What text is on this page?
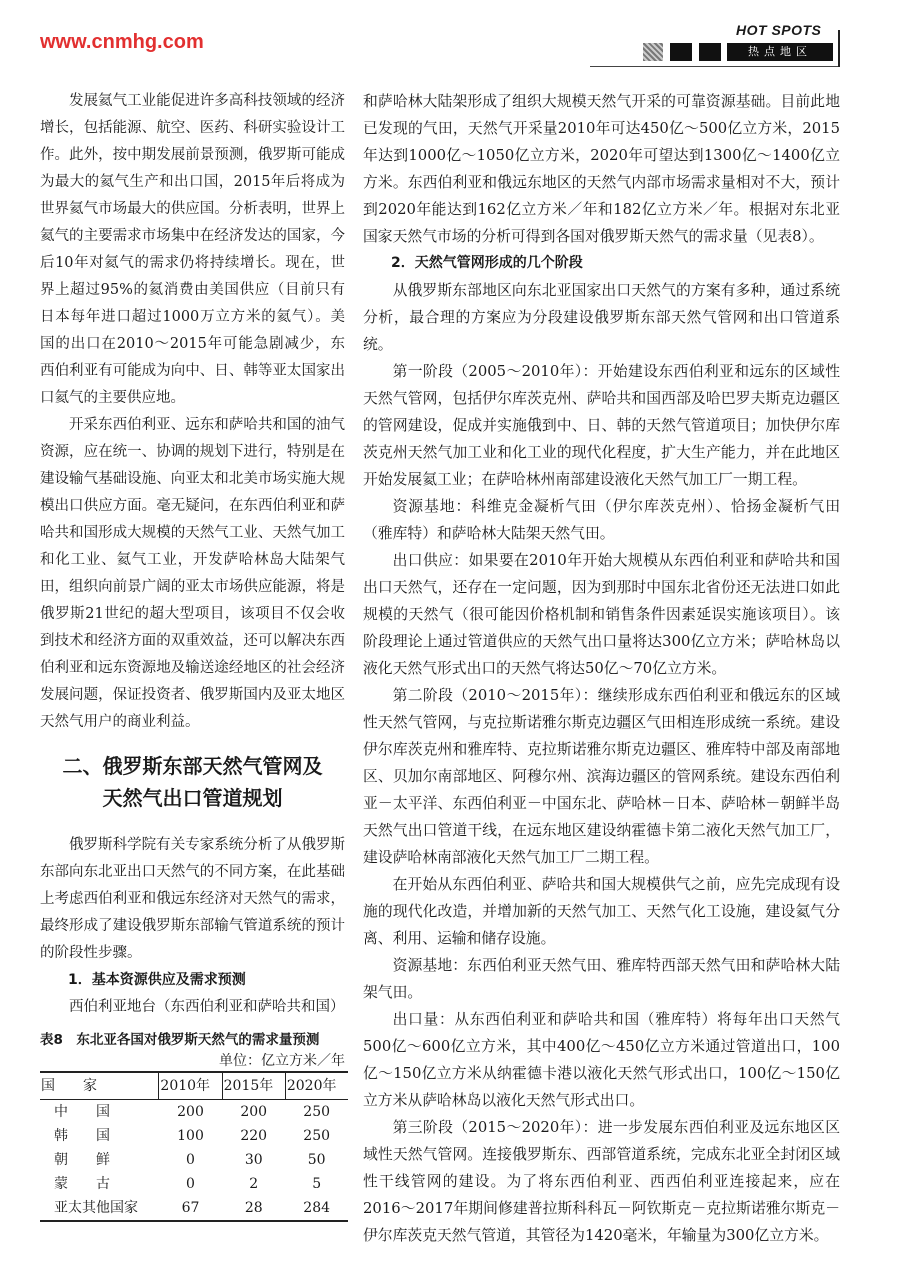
HOT SPOTS
热点地区
www.cnmhg.com

发展氦气工业能促进许多高科技领域的经济增长，包括能源、航空、医药、科研实验设计工作。此外，按中期发展前景预测，俄罗斯可能成为最大的氦气生产和出口国，2015年后将成为世界氦气市场最大的供应国。分析表明，世界上氦气的主要需求市场集中在经济发达的国家，今后10年对氦气的需求仍将持续增长。现在，世界上超过95%的氦消费由美国供应（目前只有日本每年进口超过1000万立方米的氦气）。美国的出口在2010～2015年可能急剧减少，东西伯利亚有可能成为向中、日、韩等亚太国家出口氦气的主要供应地。

开采东西伯利亚、远东和萨哈共和国的油气资源，应在统一、协调的规划下进行，特别是在建设输气基础设施、向亚太和北美市场实施大规模出口供应方面。毫无疑问，在东西伯利亚和萨哈共和国形成大规模的天然气工业、天然气加工和化工业、氦气工业，开发萨哈林岛大陆架气田，组织向前景广阔的亚太市场供应能源，将是俄罗斯21世纪的超大型项目，该项目不仅会收到技术和经济方面的双重效益，还可以解决东西伯利亚和远东资源地及输送途经地区的社会经济发展问题，保证投资者、俄罗斯国内及亚太地区天然气用户的商业利益。

二、俄罗斯东部天然气管网及
天然气出口管道规划

俄罗斯科学院有关专家系统分析了从俄罗斯东部向东北亚出口天然气的不同方案，在此基础上考虑西伯利亚和俄远东经济对天然气的需求，最终形成了建设俄罗斯东部输气管道系统的预计的阶段性步骤。

1．基本资源供应及需求预测

西伯利亚地台（东西伯利亚和萨哈共和国）

表8　东北亚各国对俄罗斯天然气的需求量预测
单位：亿立方米／年
国　　家	2010年	2015年	2020年
中　　国	200	200	250
韩　　国	100	220	250
朝　　鲜	0	30	50
蒙　　古	0	2	5
亚太其他国家	67	28	284

和萨哈林大陆架形成了组织大规模天然气开采的可靠资源基础。目前此地已发现的气田，天然气开采量2010年可达450亿～500亿立方米，2015年达到1000亿～1050亿立方米，2020年可望达到1300亿～1400亿立方米。东西伯利亚和俄远东地区的天然气内部市场需求量相对不大，预计到2020年能达到162亿立方米／年和182亿立方米／年。根据对东北亚国家天然气市场的分析可得到各国对俄罗斯天然气的需求量（见表8）。

2．天然气管网形成的几个阶段

从俄罗斯东部地区向东北亚国家出口天然气的方案有多种，通过系统分析，最合理的方案应为分段建设俄罗斯东部天然气管网和出口管道系统。

第一阶段（2005～2010年）：开始建设东西伯利亚和远东的区域性天然气管网，包括伊尔库茨克州、萨哈共和国西部及哈巴罗夫斯克边疆区的管网建设，促成并实施俄到中、日、韩的天然气管道项目；加快伊尔库茨克州天然气加工业和化工业的现代化程度，扩大生产能力，并在此地区开始发展氦工业；在萨哈林州南部建设液化天然气加工厂一期工程。

资源基地：科维克金凝析气田（伊尔库茨克州）、恰扬金凝析气田（雅库特）和萨哈林大陆架天然气田。

出口供应：如果要在2010年开始大规模从东西伯利亚和萨哈共和国出口天然气，还存在一定问题，因为到那时中国东北省份还无法进口如此规模的天然气（很可能因价格机制和销售条件因素延误实施该项目）。该阶段理论上通过管道供应的天然气出口量将达300亿立方米；萨哈林岛以液化天然气形式出口的天然气将达50亿～70亿立方米。

第二阶段（2010～2015年）：继续形成东西伯利亚和俄远东的区域性天然气管网，与克拉斯诺雅尔斯克边疆区气田相连形成统一系统。建设伊尔库茨克州和雅库特、克拉斯诺雅尔斯克边疆区、雅库特中部及南部地区、贝加尔南部地区、阿穆尔州、滨海边疆区的管网系统。建设东西伯利亚－太平洋、东西伯利亚－中国东北、萨哈林－日本、萨哈林－朝鲜半岛天然气出口管道干线，在远东地区建设纳霍德卡第二液化天然气加工厂，建设萨哈林南部液化天然气加工厂二期工程。

在开始从东西伯利亚、萨哈共和国大规模供气之前，应先完成现有设施的现代化改造，并增加新的天然气加工、天然气化工设施，建设氦气分离、利用、运输和储存设施。

资源基地：东西伯利亚天然气田、雅库特西部天然气田和萨哈林大陆架气田。

出口量：从东西伯利亚和萨哈共和国（雅库特）将每年出口天然气500亿～600亿立方米，其中400亿～450亿立方米通过管道出口，100亿～150亿立方米从纳霍德卡港以液化天然气形式出口，100亿～150亿立方米从萨哈林岛以液化天然气形式出口。

第三阶段（2015～2020年）：进一步发展东西伯利亚及远东地区区域性天然气管网。连接俄罗斯东、西部管道系统，完成东北亚全封闭区域性干线管网的建设。为了将东西伯利亚、西西伯利亚连接起来，应在2016～2017年期间修建普拉斯科科瓦－阿钦斯克－克拉斯诺雅尔斯克－伊尔库茨克天然气管道，其管径为1420毫米，年输量为300亿立方米。
